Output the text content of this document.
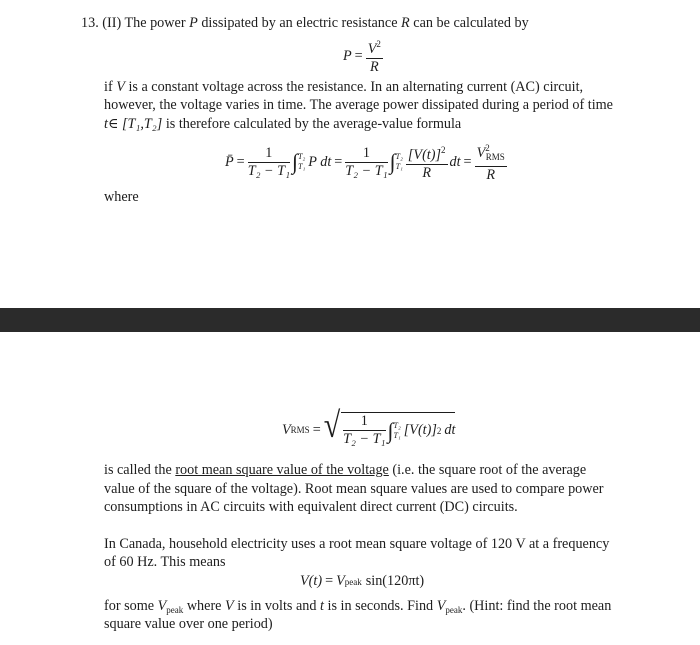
13. (II) The power P dissipated by an electric resistance R can be calculated by
$P = \frac{V^2}{R}$
if V is a constant voltage across the resistance. In an alternating current (AC) circuit,
however, the voltage varies in time. The average power dissipated during a period of time
t∈ [T₁,T₂] is therefore calculated by the average-value formula
P̄ = $\frac{1}{\text{T₂ − T₁}}$ ∫ T₂
T₁ P dt = $\frac{1}{\text{T₂ − T₁}}$ ∫ T₂
$T_1 \frac{[V(t)]^2}{R}$ dt = $\frac{V^2_{RMS}}{R}$
where
V RMS = √ $\frac{1}{\text{T₂ − T₁}}$ ∫ T₂
T₁ [V(t)] 2 dt
is called the root mean square value of the voltage (i.e. the square root of the average
value of the square of the voltage). Root mean square values are used to compare power
consumptions in AC circuits with equivalent direct current (DC) circuits.
In Canada, household electricity uses a root mean square voltage of 120 V at a frequency
of 60 Hz. This means
V(t) = V peak sin(120πt)
for some $V_{peak}$ where V is in volts and t is in seconds. Find $V_{peak}$. (Hint: find the root mean
square value over one period)
